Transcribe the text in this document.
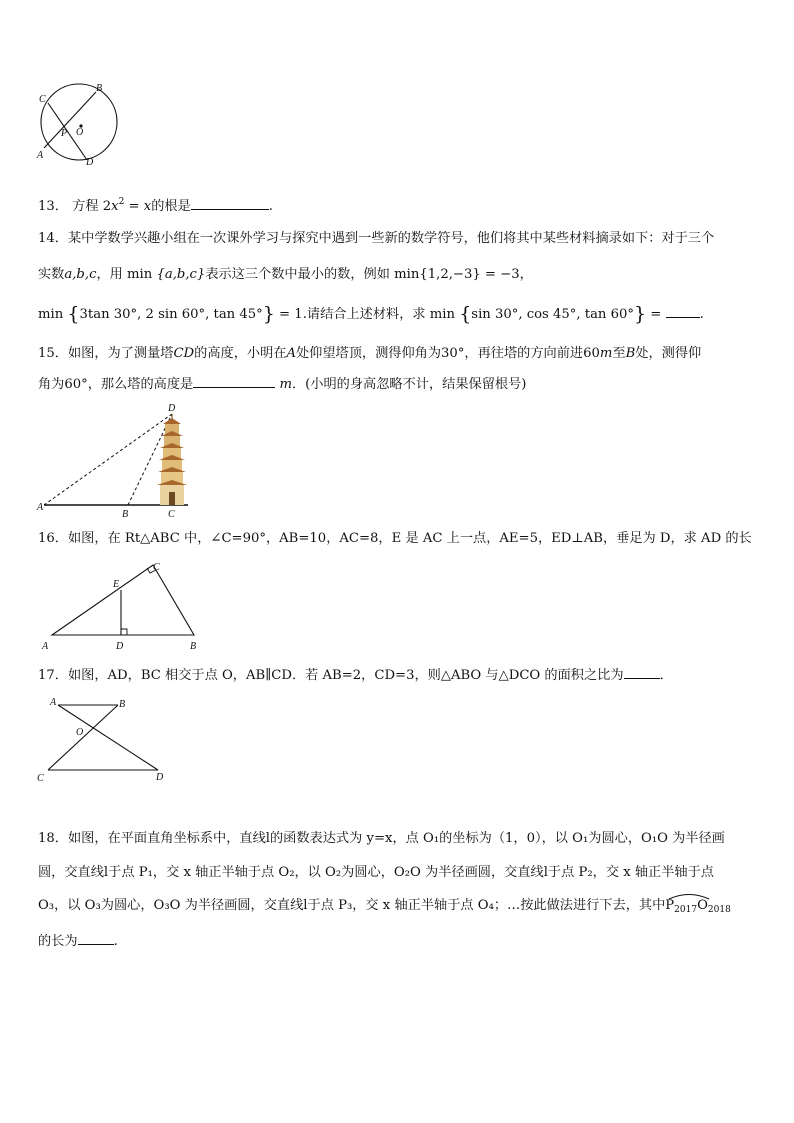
C
B
P O
A
D
13． 方程 $2x^2 = x$的根是	.
14．某中学数学兴趣小组在一次课外学习与探究中遇到一些新的数学符号，他们将其中某些材料摘录如下：对于三个
实数a,b,c，用 min {a,b,c}表示这三个数中最小的数，例如 min{1,2,−3} = −3，
min {3tan 30°, 2 sin 60°, tan 45°} = 1.请结合上述材料，求 min {sin 30°, cos 45°, tan 60°} =	.
15．如图，为了测量塔CD的高度，小明在A处仰望塔顶，测得仰角为30°，再往塔的方向前进60m至B处，测得仰
角为60°，那么塔的高度是	m．(小明的身高忽略不计，结果保留根号)
D
A
B	C
16．如图，在 Rt△ABC 中，∠C=90°，AB=10，AC=8，E 是 AC 上一点，AE=5，ED⊥AB，垂足为 D，求 AD 的长
E
C
A	D	B
17．如图，AD，BC 相交于点 O，AB∥CD．若 AB=2，CD=3，则△ABO 与△DCO 的面积之比为	．
A	B
O
C	D
18．如图，在平面直角坐标系中，直线l的函数表达式为 y=x，点 O₁的坐标为（1，0），以 O₁为圆心，O₁O 为半径画
圆，交直线l于点 P₁，交 x 轴正半轴于点 O₂，以 O₂为圆心，O₂O 为半径画圆，交直线l于点 P₂，交 x 轴正半轴于点
O₃，以 O₃为圆心，O₃O 为半径画圆，交直线l于点 P₃，交 x 轴正半轴于点 O₄；…按此做法进行下去，其中
$P_{2017}O_{2018}$
的长为	.
